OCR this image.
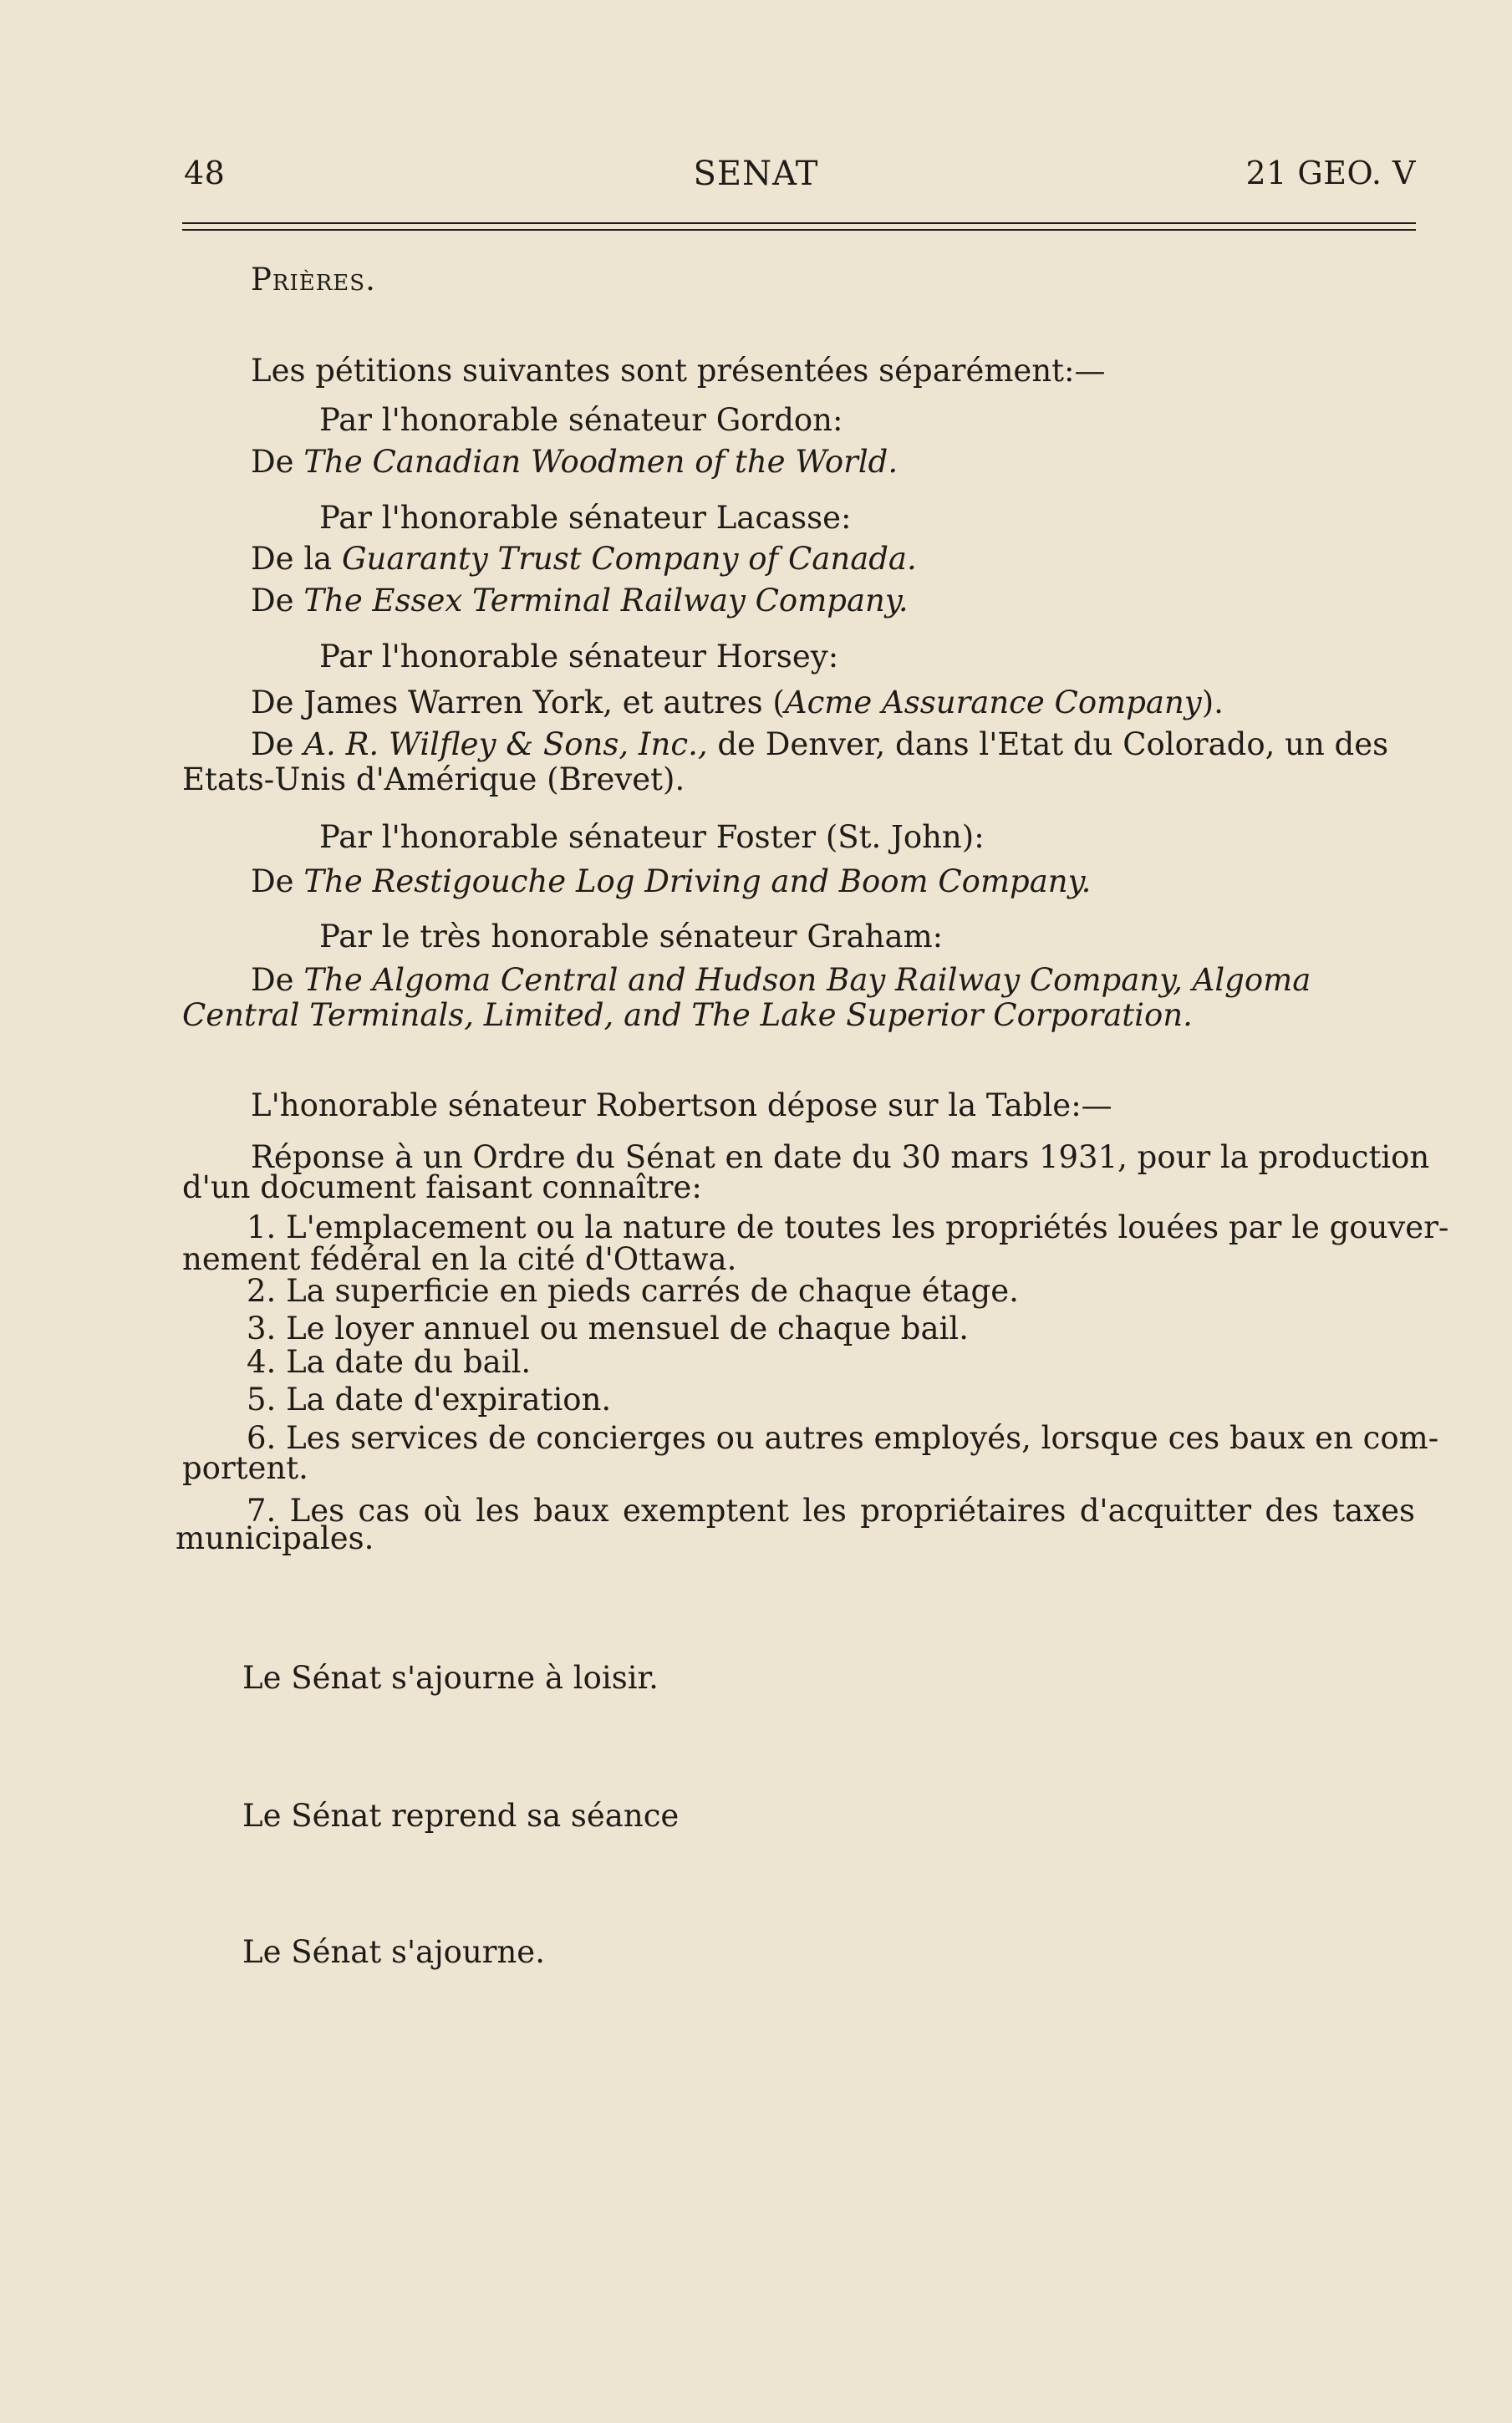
48	SENAT	21 GEO. V
Prières.
Les pétitions suivantes sont présentées séparément:—
Par l'honorable sénateur Gordon:
De The Canadian Woodmen of the World.
Par l'honorable sénateur Lacasse:
De la Guaranty Trust Company of Canada.
De The Essex Terminal Railway Company.
Par l'honorable sénateur Horsey:
De James Warren York, et autres (Acme Assurance Company).
De A. R. Wilfley & Sons, Inc., de Denver, dans l'Etat du Colorado, un des
Etats-Unis d'Amérique (Brevet).
Par l'honorable sénateur Foster (St. John):
De The Restigouche Log Driving and Boom Company.
Par le très honorable sénateur Graham:
De The Algoma Central and Hudson Bay Railway Company, Algoma
Central Terminals, Limited, and The Lake Superior Corporation.
L'honorable sénateur Robertson dépose sur la Table:—
Réponse à un Ordre du Sénat en date du 30 mars 1931, pour la production
d'un document faisant connaître:
1. L'emplacement ou la nature de toutes les propriétés louées par le gouver-
nement fédéral en la cité d'Ottawa.
2. La superficie en pieds carrés de chaque étage.
3. Le loyer annuel ou mensuel de chaque bail.
4. La date du bail.
5. La date d'expiration.
6. Les services de concierges ou autres employés, lorsque ces baux en com-
portent.
7. Les cas où les baux exemptent les propriétaires d'acquitter des taxes
municipales.
Le Sénat s'ajourne à loisir.
Le Sénat reprend sa séance
Le Sénat s'ajourne.
